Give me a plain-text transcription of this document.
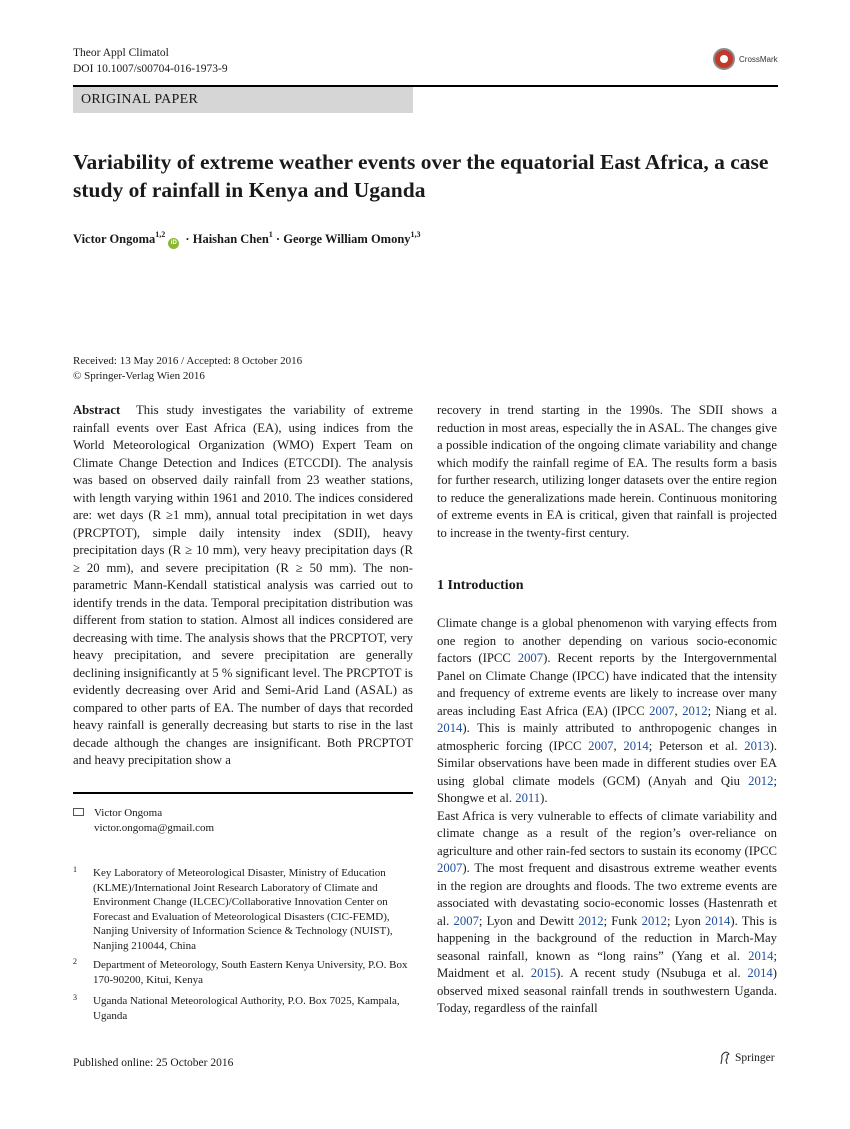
Theor Appl Climatol
DOI 10.1007/s00704-016-1973-9
CrossMark
ORIGINAL PAPER
Variability of extreme weather events over the equatorial East Africa, a case study of rainfall in Kenya and Uganda
Victor Ongoma$^{1,2}$iD · Haishan Chen$^1$ · George William Omony$^{1,3}$
Received: 13 May 2016 / Accepted: 8 October 2016
© Springer-Verlag Wien 2016

Abstract This study investigates the variability of extreme rainfall events over East Africa (EA), using indices from the World Meteorological Organization (WMO) Expert Team on Climate Change Detection and Indices (ETCCDI). The analysis was based on observed daily rainfall from 23 weather stations, with length varying within 1961 and 2010. The indices considered are: wet days (R ≥1 mm), annual total precipitation in wet days (PRCPTOT), simple daily intensity index (SDII), heavy precipitation days (R ≥ 10 mm), very heavy precipitation days (R ≥ 20 mm), and severe precipitation (R ≥ 50 mm). The non-parametric Mann-Kendall statistical analysis was carried out to identify trends in the data. Temporal precipitation distribution was different from station to station. Almost all indices considered are decreasing with time. The analysis shows that the PRCPTOT, very heavy precipitation, and severe precipitation are generally declining insignificantly at 5 % significant level. The PRCPTOT is evidently decreasing over Arid and Semi-Arid Land (ASAL) as compared to other parts of EA. The number of days that recorded heavy rainfall is generally decreasing but starts to rise in the last decade although the changes are insignificant. Both PRCPTOT and heavy precipitation show a

recovery in trend starting in the 1990s. The SDII shows a reduction in most areas, especially the in ASAL. The changes give a possible indication of the ongoing climate variability and change which modify the rainfall regime of EA. The results form a basis for further research, utilizing longer datasets over the entire region to reduce the generalizations made herein. Continuous monitoring of extreme events in EA is critical, given that rainfall is projected to increase in the twenty-first century.

1 Introduction

Climate change is a global phenomenon with varying effects from one region to another depending on various socio-economic factors (IPCC 2007). Recent reports by the Intergovernmental Panel on Climate Change (IPCC) have indicated that the intensity and frequency of extreme events are likely to increase over many areas including East Africa (EA) (IPCC 2007, 2012; Niang et al. 2014). This is mainly attributed to anthropogenic changes in atmospheric forcing (IPCC 2007, 2014; Peterson et al. 2013). Similar observations have been made in different studies over EA using global climate models (GCM) (Anyah and Qiu 2012; Shongwe et al. 2011).

East Africa is very vulnerable to effects of climate variability and climate change as a result of the region’s over-reliance on agriculture and other rain-fed sectors to sustain its economy (IPCC 2007). The most frequent and disastrous extreme weather events in the region are droughts and floods. The two extreme events are associated with devastating socio-economic losses (Hastenrath et al. 2007; Lyon and Dewitt 2012; Funk 2012; Lyon 2014). This is happening in the background of the reduction in March-May seasonal rainfall, known as “long rains” (Yang et al. 2014; Maidment et al. 2015). A recent study (Nsubuga et al. 2014) observed mixed seasonal rainfall trends in southwestern Uganda. Today, regardless of the rainfall

Victor Ongoma
victor.ongoma@gmail.com
1 Key Laboratory of Meteorological Disaster, Ministry of Education (KLME)/International Joint Research Laboratory of Climate and Environment Change (ILCEC)/Collaborative Innovation Center on Forecast and Evaluation of Meteorological Disasters (CIC-FEMD), Nanjing University of Information Science & Technology (NUIST), Nanjing 210044, China
2 Department of Meteorology, South Eastern Kenya University, P.O. Box 170-90200, Kitui, Kenya
3 Uganda National Meteorological Authority, P.O. Box 7025, Kampala, Uganda
Published online: 25 October 2016	Springer
